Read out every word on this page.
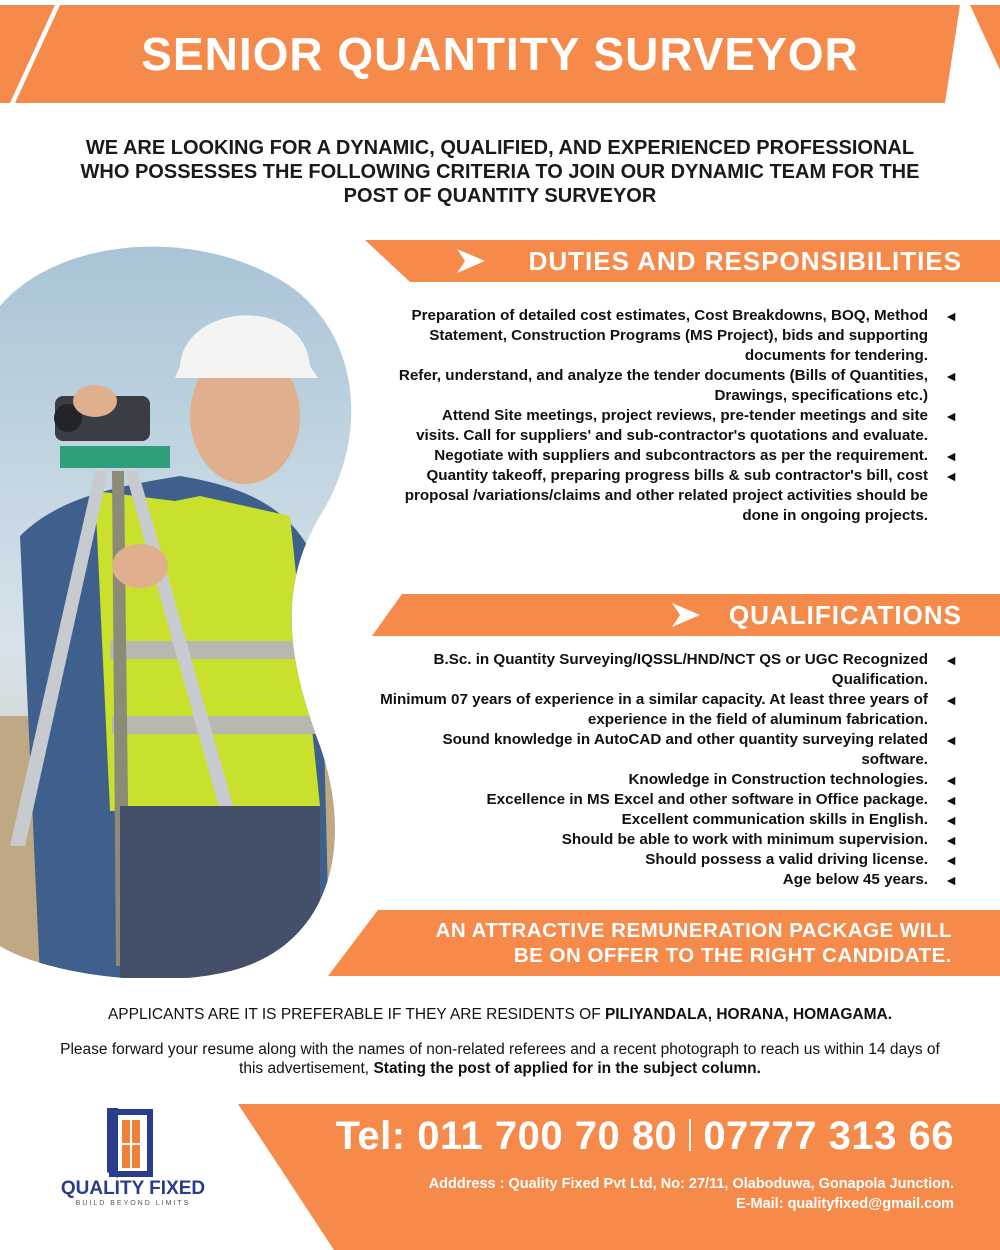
SENIOR QUANTITY SURVEYOR
WE ARE LOOKING FOR A DYNAMIC, QUALIFIED, AND EXPERIENCED PROFESSIONAL WHO POSSESSES THE FOLLOWING CRITERIA TO JOIN OUR DYNAMIC TEAM FOR THE POST OF QUANTITY SURVEYOR
DUTIES AND RESPONSIBILITIES
Preparation of detailed cost estimates, Cost Breakdowns, BOQ, Method Statement, Construction Programs (MS Project), bids and supporting documents for tendering.
◄
Refer, understand, and analyze the tender documents (Bills of Quantities, Drawings, specifications etc.)
◄
Attend Site meetings, project reviews, pre-tender meetings and site visits. Call for suppliers' and sub-contractor's quotations and evaluate.
◄
Negotiate with suppliers and subcontractors as per the requirement. ◄
Quantity takeoff, preparing progress bills & sub contractor's bill, cost proposal /variations/claims and other related project activities should be done in ongoing projects.
◄
QUALIFICATIONS
B.Sc. in Quantity Surveying/IQSSL/HND/NCT QS or UGC Recognized Qualification.
◄
Minimum 07 years of experience in a similar capacity. At least three years of experience in the field of aluminum fabrication.
◄
Sound knowledge in AutoCAD and other quantity surveying related software.
◄
Knowledge in Construction technologies. ◄
Excellence in MS Excel and other software in Office package. ◄
Excellent communication skills in English. ◄
Should be able to work with minimum supervision. ◄
Should possess a valid driving license. ◄
Age below 45 years. ◄
AN ATTRACTIVE REMUNERATION PACKAGE WILL
BE ON OFFER TO THE RIGHT CANDIDATE.
APPLICANTS ARE IT IS PREFERABLE IF THEY ARE RESIDENTS OF PILIYANDALA, HORANA, HOMAGAMA.
Please forward your resume along with the names of non-related referees and a recent photograph to reach us within 14 days of this advertisement, Stating the post of applied for in the subject column.
QUALITY FIXED
BUILD BEYOND LIMITS
Tel: 011 700 70 80 07777 313 66
Adddress : Quality Fixed Pvt Ltd, No: 27/11, Olaboduwa, Gonapola Junction.
E-Mail: qualityfixed@gmail.com
